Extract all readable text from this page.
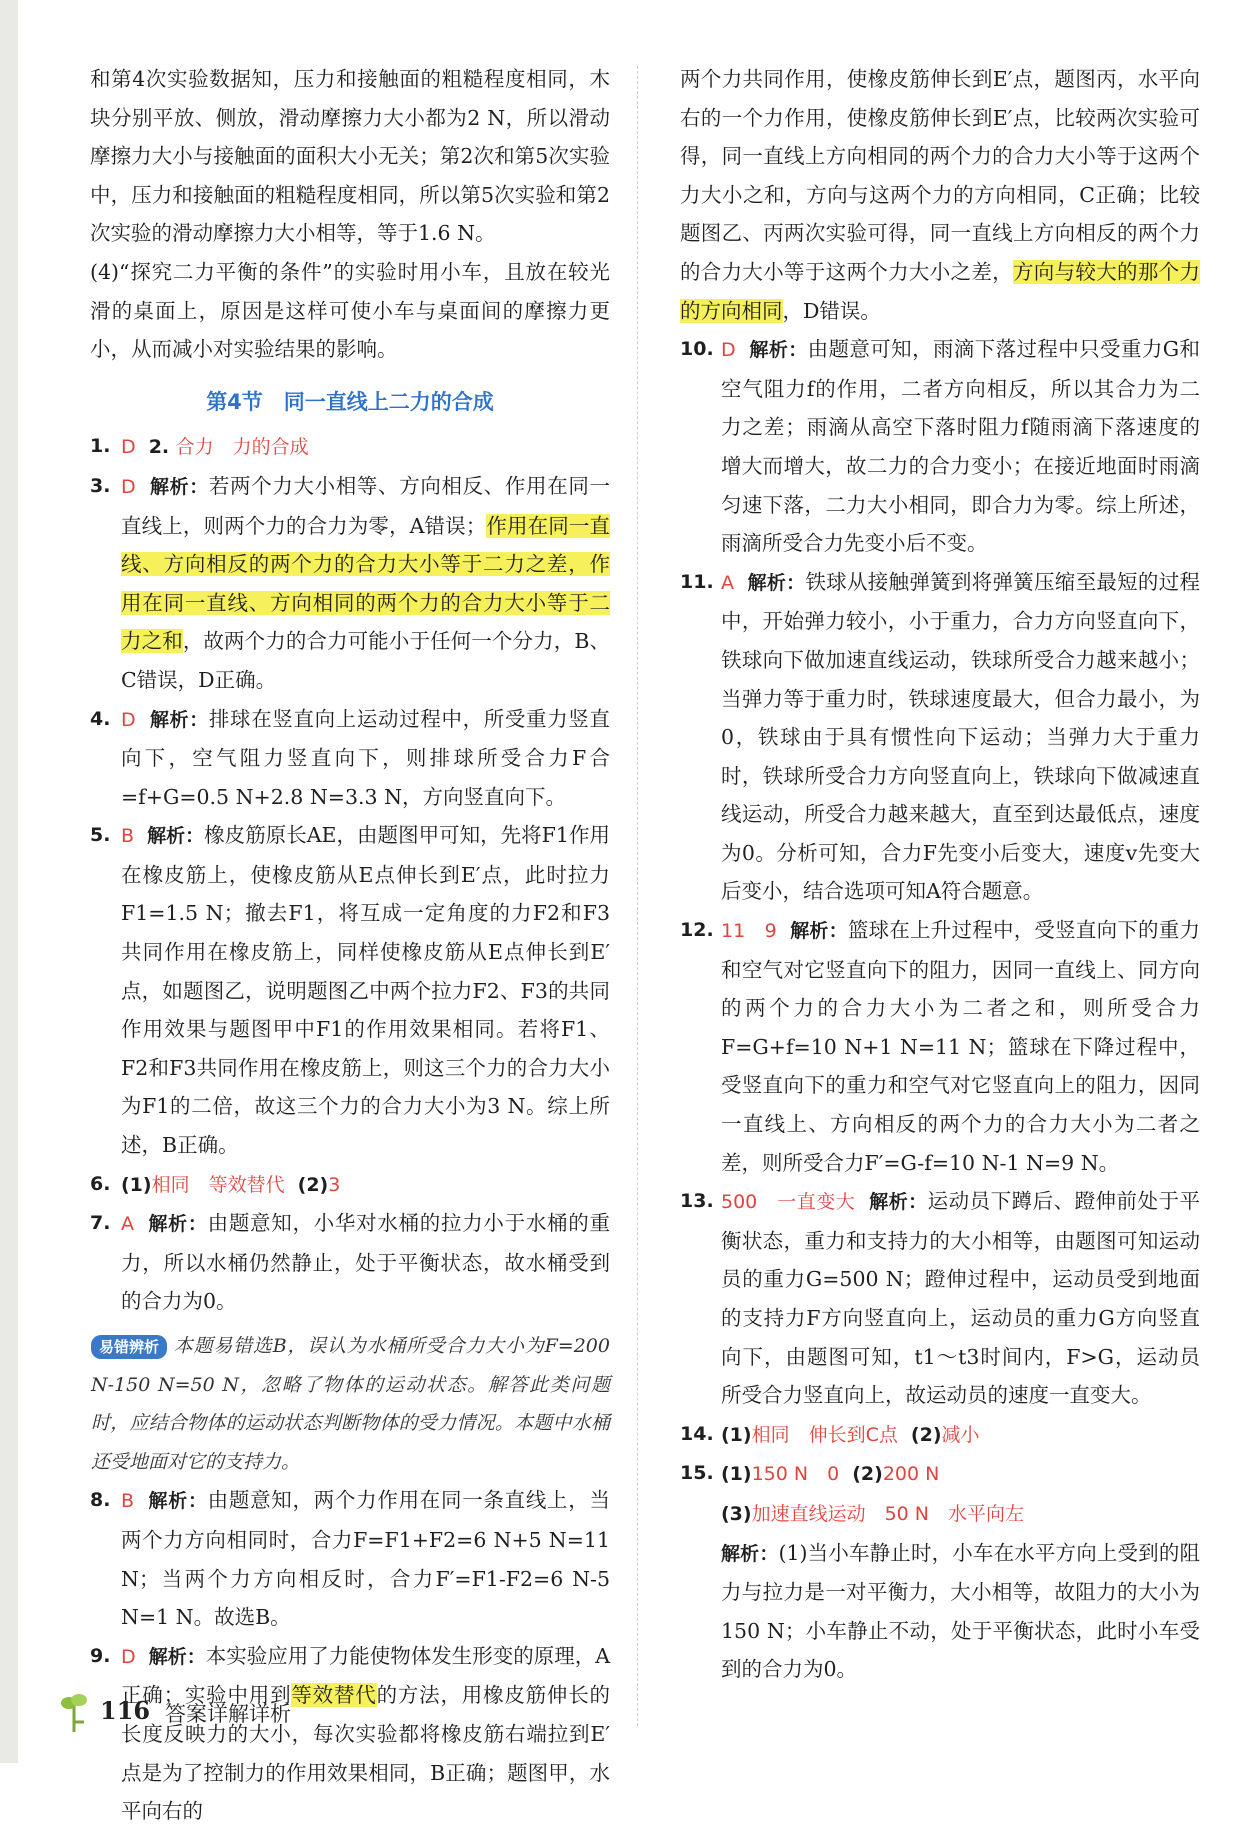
和第4次实验数据知，压力和接触面的粗糙程度相同，木块分别平放、侧放，滑动摩擦力大小都为2 N，所以滑动摩擦力大小与接触面的面积大小无关；第2次和第5次实验中，压力和接触面的粗糙程度相同，所以第5次实验和第2次实验的滑动摩擦力大小相等，等于1.6 N。

(4)“探究二力平衡的条件”的实验时用小车，且放在较光滑的桌面上，原因是这样可使小车与桌面间的摩擦力更小，从而减小对实验结果的影响。

第4节　同一直线上二力的合成

1. D 2. 合力　力的合成

3. D 解析：若两个力大小相等、方向相反、作用在同一直线上，则两个力的合力为零，A错误；作用在同一直线、方向相反的两个力的合力大小等于二力之差，作用在同一直线、方向相同的两个力的合力大小等于二力之和，故两个力的合力可能小于任何一个分力，B、C错误，D正确。

4. D 解析：排球在竖直向上运动过程中，所受重力竖直向下，空气阻力竖直向下，则排球所受合力F合=f+G=0.5 N+2.8 N=3.3 N，方向竖直向下。

5. B 解析：橡皮筋原长AE，由题图甲可知，先将F1作用在橡皮筋上，使橡皮筋从E点伸长到E′点，此时拉力F1=1.5 N；撤去F1，将互成一定角度的力F2和F3共同作用在橡皮筋上，同样使橡皮筋从E点伸长到E′点，如题图乙，说明题图乙中两个拉力F2、F3的共同作用效果与题图甲中F1的作用效果相同。若将F1、F2和F3共同作用在橡皮筋上，则这三个力的合力大小为F1的二倍，故这三个力的合力大小为3 N。综上所述，B正确。

6. (1)相同　等效替代 (2)3

7. A 解析：由题意知，小华对水桶的拉力小于水桶的重力，所以水桶仍然静止，处于平衡状态，故水桶受到的合力为0。

易错辨析 本题易错选B，误认为水桶所受合力大小为F=200 N-150 N=50 N，忽略了物体的运动状态。解答此类问题时，应结合物体的运动状态判断物体的受力情况。本题中水桶还受地面对它的支持力。

8. B 解析：由题意知，两个力作用在同一条直线上，当两个力方向相同时，合力F=F1+F2=6 N+5 N=11 N；当两个力方向相反时，合力F′=F1-F2=6 N-5 N=1 N。故选B。

9. D 解析：本实验应用了力能使物体发生形变的原理，A正确；实验中用到等效替代的方法，用橡皮筋伸长的长度反映力的大小，每次实验都将橡皮筋右端拉到E′点是为了控制力的作用效果相同，B正确；题图甲，水平向右的

两个力共同作用，使橡皮筋伸长到E′点，题图丙，水平向右的一个力作用，使橡皮筋伸长到E′点，比较两次实验可得，同一直线上方向相同的两个力的合力大小等于这两个力大小之和，方向与这两个力的方向相同，C正确；比较题图乙、丙两次实验可得，同一直线上方向相反的两个力的合力大小等于这两个力大小之差，方向与较大的那个力的方向相同，D错误。

10. D 解析：由题意可知，雨滴下落过程中只受重力G和空气阻力f的作用，二者方向相反，所以其合力为二力之差；雨滴从高空下落时阻力f随雨滴下落速度的增大而增大，故二力的合力变小；在接近地面时雨滴匀速下落，二力大小相同，即合力为零。综上所述，雨滴所受合力先变小后不变。

11. A 解析：铁球从接触弹簧到将弹簧压缩至最短的过程中，开始弹力较小，小于重力，合力方向竖直向下，铁球向下做加速直线运动，铁球所受合力越来越小；当弹力等于重力时，铁球速度最大，但合力最小，为0，铁球由于具有惯性向下运动；当弹力大于重力时，铁球所受合力方向竖直向上，铁球向下做减速直线运动，所受合力越来越大，直至到达最低点，速度为0。分析可知，合力F先变小后变大，速度v先变大后变小，结合选项可知A符合题意。

12. 11　9 解析：篮球在上升过程中，受竖直向下的重力和空气对它竖直向下的阻力，因同一直线上、同方向的两个力的合力大小为二者之和，则所受合力F=G+f=10 N+1 N=11 N；篮球在下降过程中，受竖直向下的重力和空气对它竖直向上的阻力，因同一直线上、方向相反的两个力的合力大小为二者之差，则所受合力F′=G-f=10 N-1 N=9 N。

13. 500　一直变大 解析：运动员下蹲后、蹬伸前处于平衡状态，重力和支持力的大小相等，由题图可知运动员的重力G=500 N；蹬伸过程中，运动员受到地面的支持力F方向竖直向上，运动员的重力G方向竖直向下，由题图可知，t1～t3时间内，F>G，运动员所受合力竖直向上，故运动员的速度一直变大。

14. (1)相同　伸长到C点 (2)减小

15. (1)150 N　0 (2)200 N
(3)加速直线运动　50 N　水平向左
解析：(1)当小车静止时，小车在水平方向上受到的阻力与拉力是一对平衡力，大小相等，故阻力的大小为150 N；小车静止不动，处于平衡状态，此时小车受到的合力为0。

116 答案详解详析
